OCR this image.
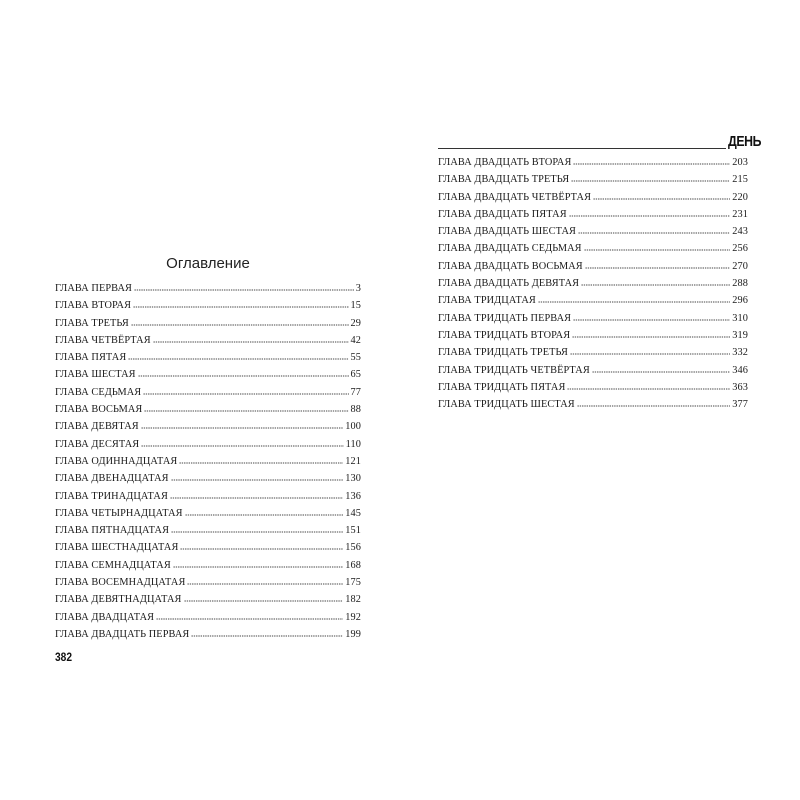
Оглавление
ГЛАВА ПЕРВАЯ	3
ГЛАВА ВТОРАЯ	15
ГЛАВА ТРЕТЬЯ	29
ГЛАВА ЧЕТВЁРТАЯ	42
ГЛАВА ПЯТАЯ	55
ГЛАВА ШЕСТАЯ	65
ГЛАВА СЕДЬМАЯ	77
ГЛАВА ВОСЬМАЯ	88
ГЛАВА ДЕВЯТАЯ	100
ГЛАВА ДЕСЯТАЯ	110
ГЛАВА ОДИННАДЦАТАЯ	121
ГЛАВА ДВЕНАДЦАТАЯ	130
ГЛАВА ТРИНАДЦАТАЯ	136
ГЛАВА ЧЕТЫРНАДЦАТАЯ	145
ГЛАВА ПЯТНАДЦАТАЯ	151
ГЛАВА ШЕСТНАДЦАТАЯ	156
ГЛАВА СЕМНАДЦАТАЯ	168
ГЛАВА ВОСЕМНАДЦАТАЯ	175
ГЛАВА ДЕВЯТНАДЦАТАЯ	182
ГЛАВА ДВАДЦАТАЯ	192
ГЛАВА ДВАДЦАТЬ ПЕРВАЯ	199
382
ДЕНЬ
ГЛАВА ДВАДЦАТЬ ВТОРАЯ	203
ГЛАВА ДВАДЦАТЬ ТРЕТЬЯ	215
ГЛАВА ДВАДЦАТЬ ЧЕТВЁРТАЯ	220
ГЛАВА ДВАДЦАТЬ ПЯТАЯ	231
ГЛАВА ДВАДЦАТЬ ШЕСТАЯ	243
ГЛАВА ДВАДЦАТЬ СЕДЬМАЯ	256
ГЛАВА ДВАДЦАТЬ ВОСЬМАЯ	270
ГЛАВА ДВАДЦАТЬ ДЕВЯТАЯ	288
ГЛАВА ТРИДЦАТАЯ	296
ГЛАВА ТРИДЦАТЬ ПЕРВАЯ	310
ГЛАВА ТРИДЦАТЬ ВТОРАЯ	319
ГЛАВА ТРИДЦАТЬ ТРЕТЬЯ	332
ГЛАВА ТРИДЦАТЬ ЧЕТВЁРТАЯ	346
ГЛАВА ТРИДЦАТЬ ПЯТАЯ	363
ГЛАВА ТРИДЦАТЬ ШЕСТАЯ	377
